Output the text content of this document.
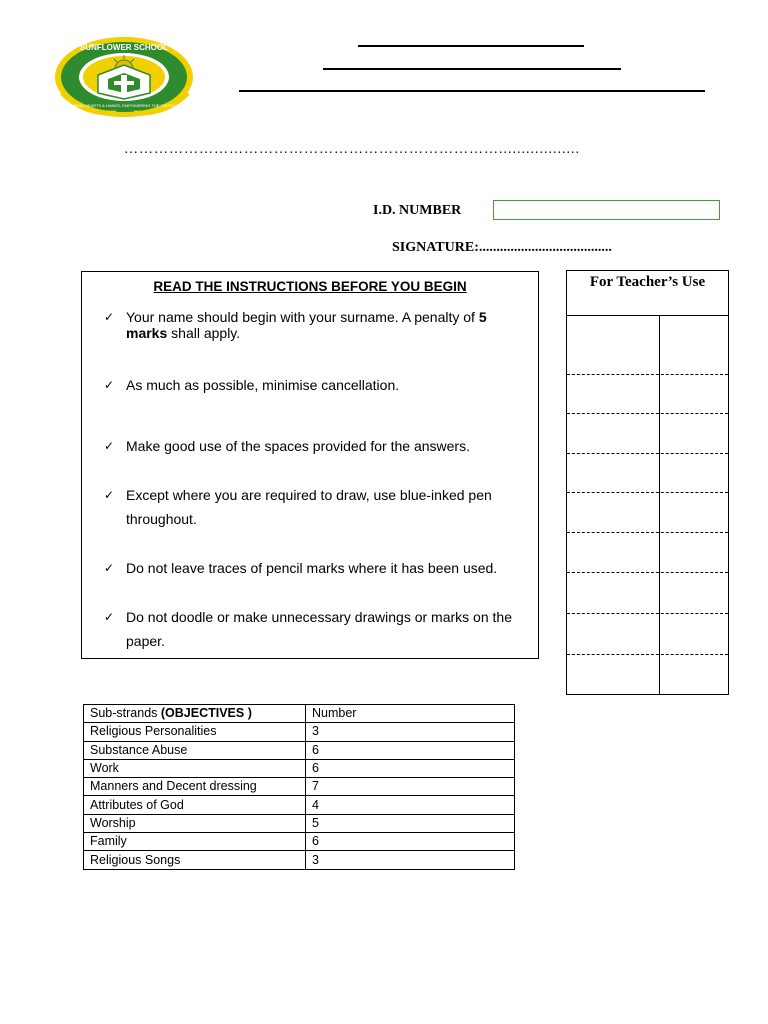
SUNFLOWER SCHOOL
REAL HEARTS & HANDS, EMPOWERING THE YOUTH
…………………………………………………………………..................
I.D. NUMBER
SIGNATURE:......................................
READ THE INSTRUCTIONS BEFORE YOU BEGIN
✓ Your name should begin with your surname. A penalty of 5 marks shall apply.
✓ As much as possible, minimise cancellation.
✓ Make good use of the spaces provided for the answers.
✓ Except where you are required to draw, use blue-inked pen throughout.
✓ Do not leave traces of pencil marks where it has been used.
✓ Do not doodle or make unnecessary drawings or marks on the paper.
For Teacher’s Use
Sub-strands (OBJECTIVES )	Number
Religious Personalities	3
Substance Abuse	6
Work	6
Manners and Decent dressing	7
Attributes of God	4
Worship	5
Family	6
Religious Songs	3
